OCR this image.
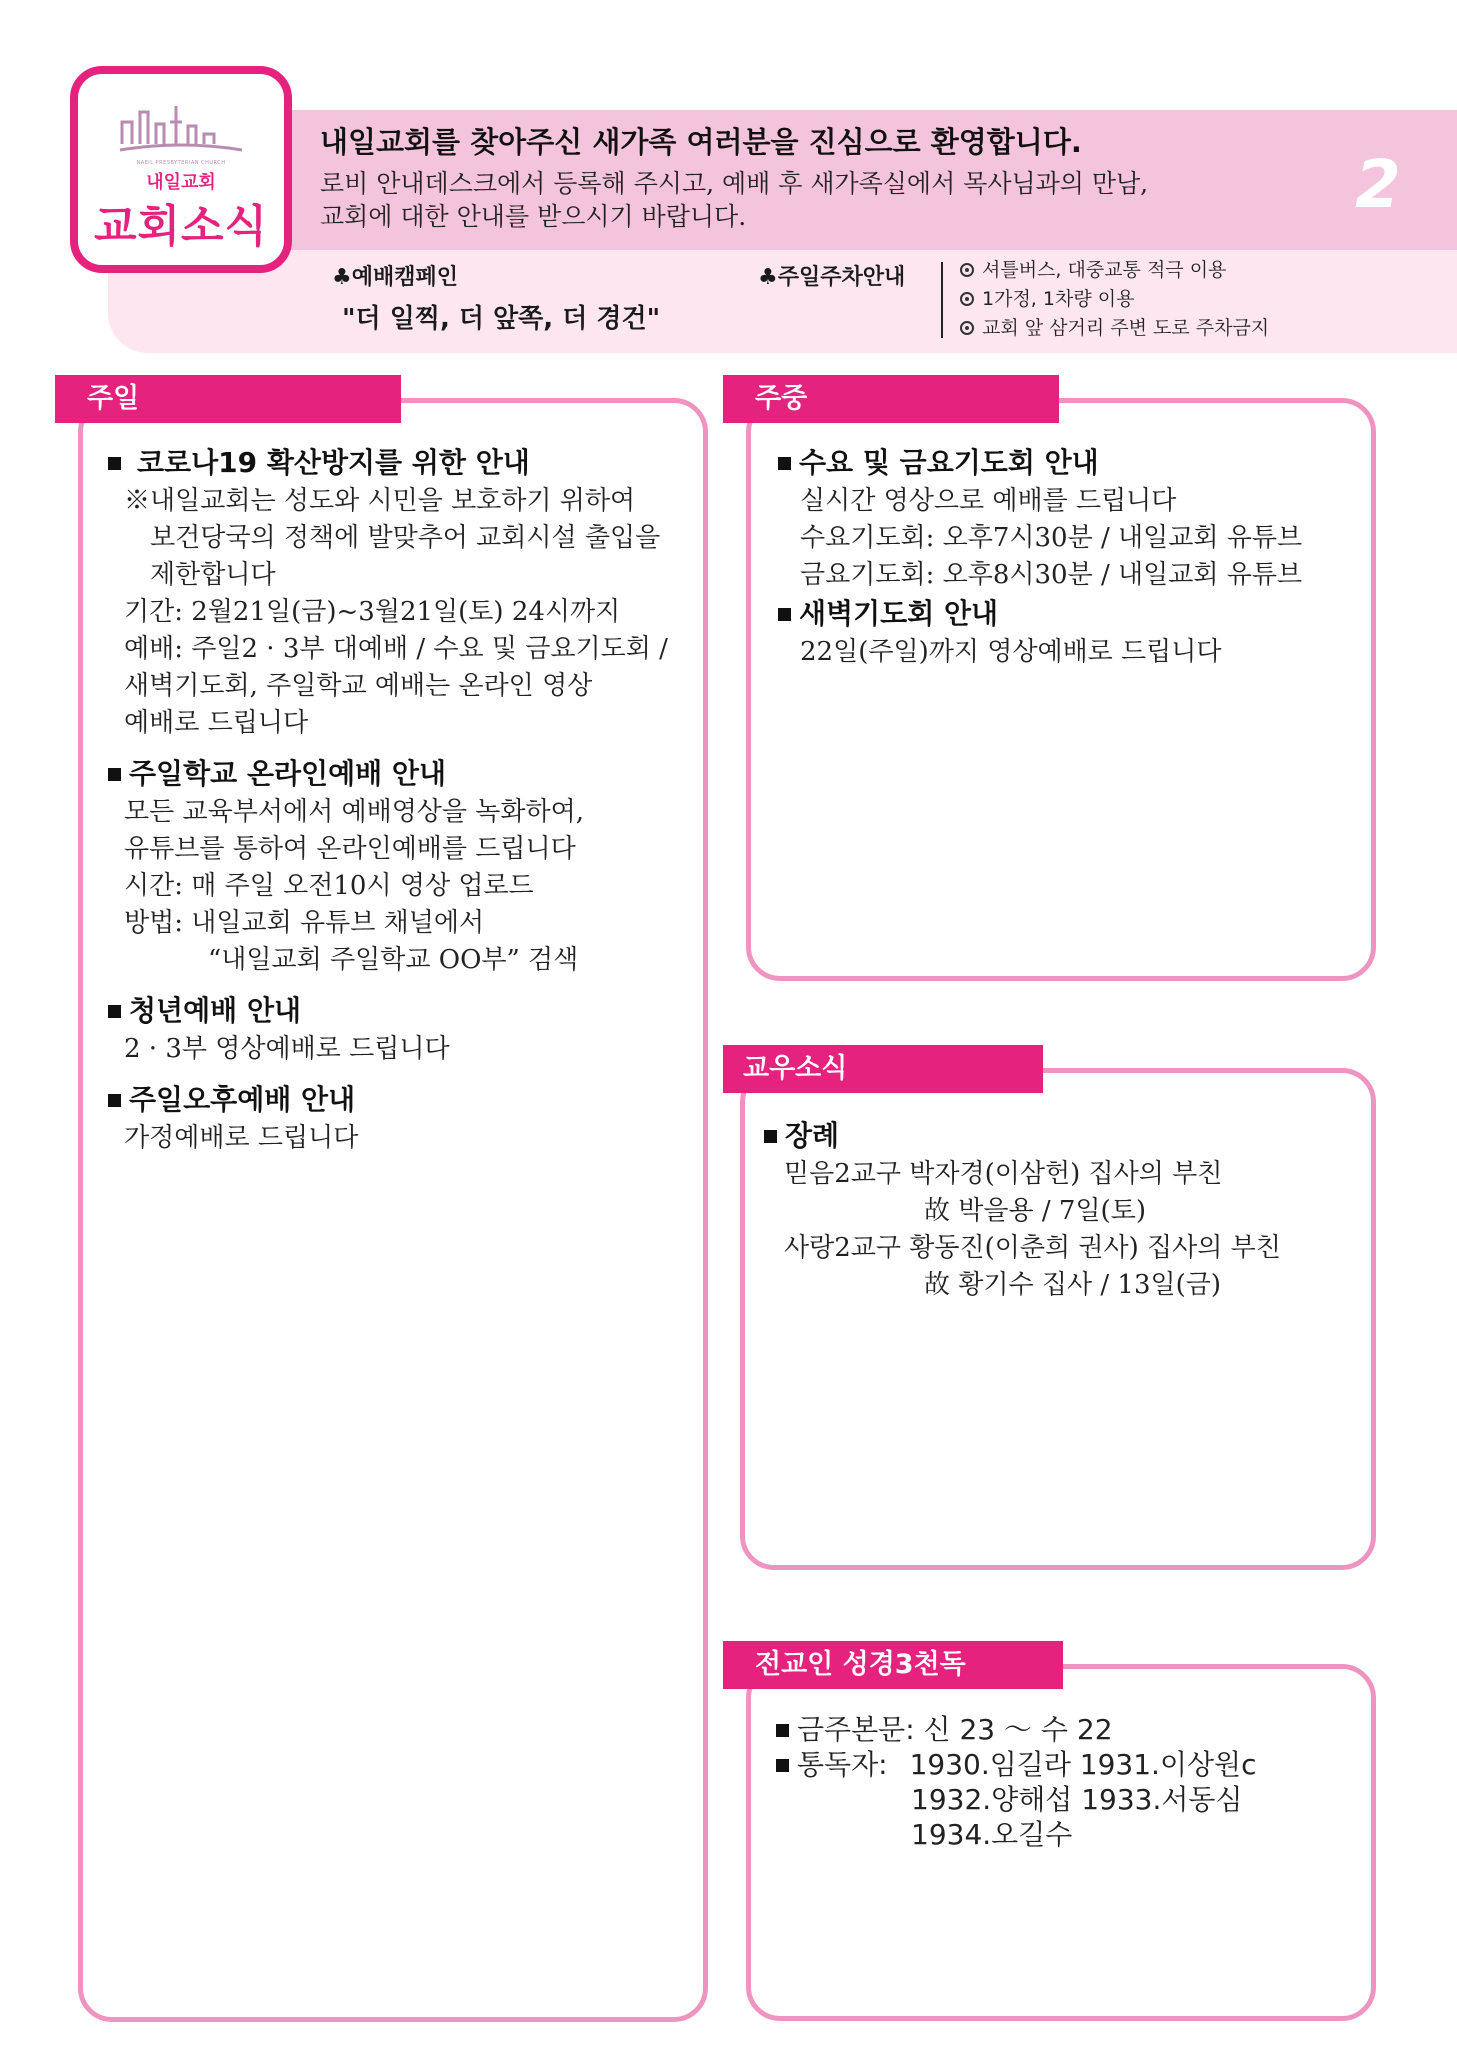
NAEIL PRESBYTERIAN CHURCH
내일교회
교회소식
내일교회를 찾아주신 새가족 여러분을 진심으로 환영합니다.
로비 안내데스크에서 등록해 주시고, 예배 후 새가족실에서 목사님과의 만남,
교회에 대한 안내를 받으시기 바랍니다.	2
♣예배캠페인
"더 일찍, 더 앞쪽, 더 경건"
♣주일주차안내	셔틀버스, 대중교통 적극 이용
1가정, 1차량 이용
교회 앞 삼거리 주변 도로 주차금지
주일
코로나19 확산방지를 위한 안내
※내일교회는 성도와 시민을 보호하기 위하여
보건당국의 정책에 발맞추어 교회시설 출입을
제한합니다
기간: 2월21일(금)~3월21일(토) 24시까지
예배: 주일2 · 3부 대예배 / 수요 및 금요기도회 /
새벽기도회, 주일학교 예배는 온라인 영상
예배로 드립니다
주일학교 온라인예배 안내
모든 교육부서에서 예배영상을 녹화하여,
유튜브를 통하여 온라인예배를 드립니다
시간: 매 주일 오전10시 영상 업로드
방법: 내일교회 유튜브 채널에서
“내일교회 주일학교 OO부” 검색
청년예배 안내
2 · 3부 영상예배로 드립니다
주일오후예배 안내
가정예배로 드립니다
주중
수요 및 금요기도회 안내
실시간 영상으로 예배를 드립니다
수요기도회: 오후7시30분 / 내일교회 유튜브
금요기도회: 오후8시30분 / 내일교회 유튜브
새벽기도회 안내
22일(주일)까지 영상예배로 드립니다
교우소식
장례
믿음2교구 박자경(이삼헌) 집사의 부친
故 박을용 / 7일(토)
사랑2교구 황동진(이춘희 권사) 집사의 부친
故 황기수 집사 / 13일(금)
전교인 성경3천독
금주본문: 신 23 ～ 수 22
통독자: 1930.임길라 1931.이상원c
1932.양해섭 1933.서동심
1934.오길수
